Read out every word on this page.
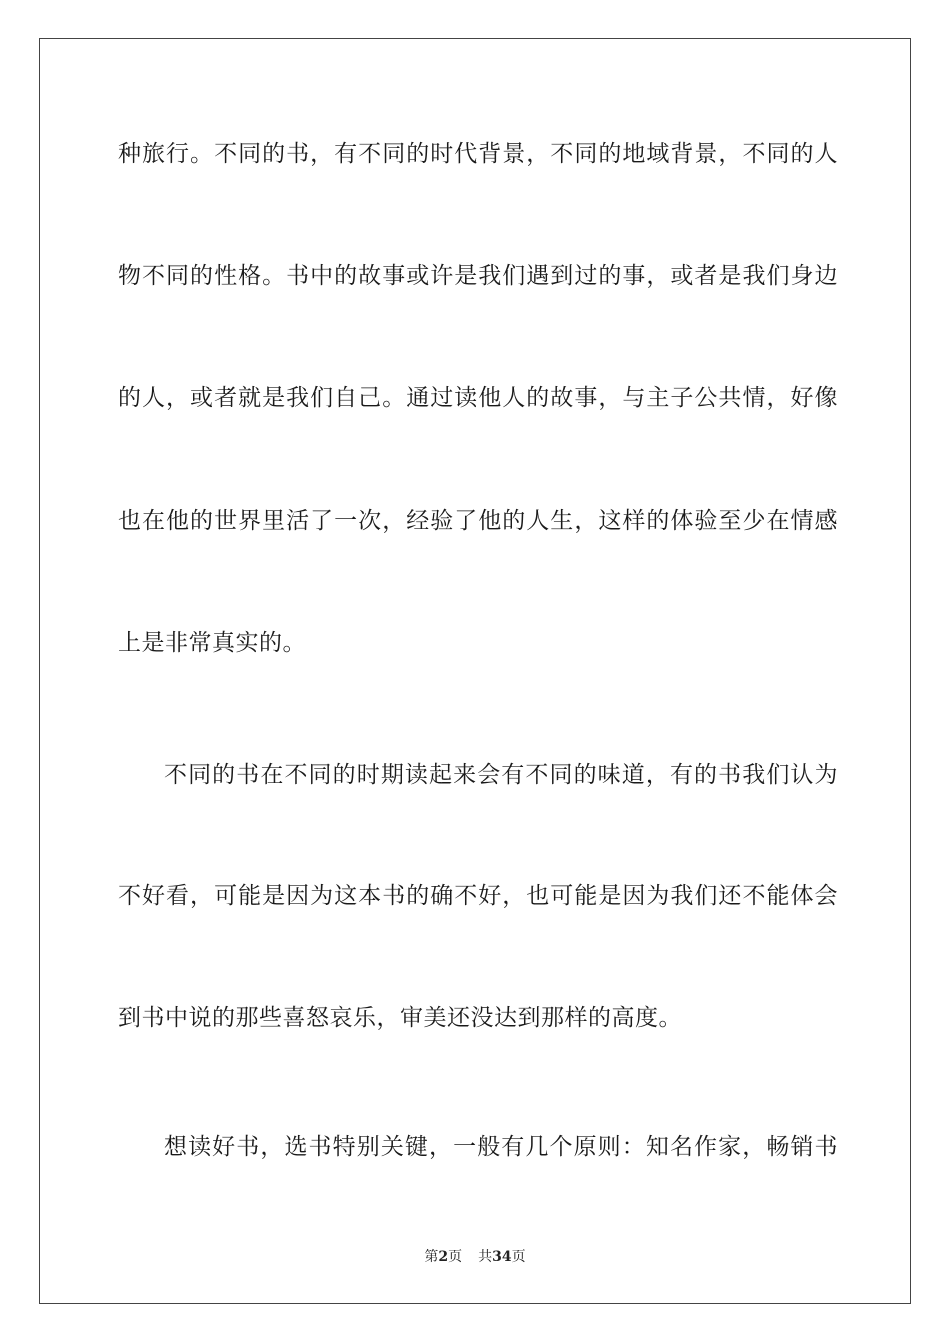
种旅行。不同的书，有不同的时代背景，不同的地域背景，不同的人
物不同的性格。书中的故事或许是我们遇到过的事，或者是我们身边
的人，或者就是我们自己。通过读他人的故事，与主子公共情，好像
也在他的世界里活了一次，经验了他的人生，这样的体验至少在情感
上是非常真实的。
不同的书在不同的时期读起来会有不同的味道，有的书我们认为
不好看，可能是因为这本书的确不好，也可能是因为我们还不能体会
到书中说的那些喜怒哀乐，审美还没达到那样的高度。
想读好书，选书特别关键，一般有几个原则：知名作家，畅销书
第2页 共34页
